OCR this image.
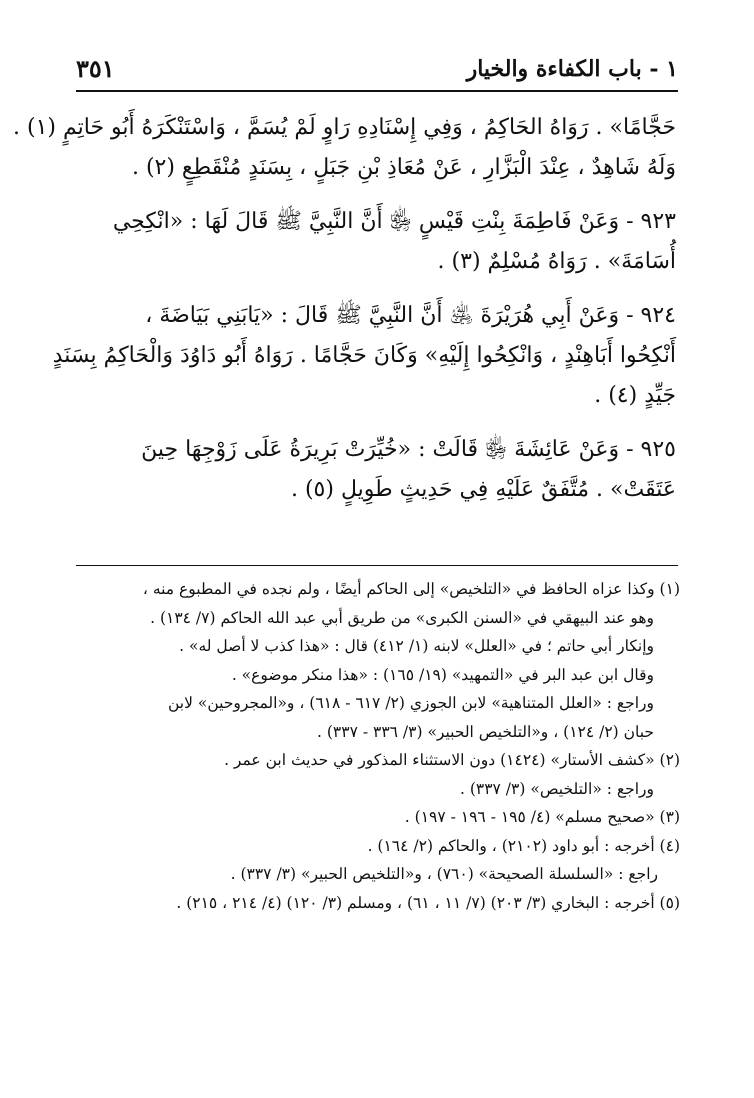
١ - باب الكفاءة والخيار
٣٥١
حَجَّامًا» . رَوَاهُ الحَاكِمُ ، وَفِي إِسْنَادِهِ رَاوٍ لَمْ يُسَمَّ ، وَاسْتَنْكَرَهُ أَبُو حَاتِمٍ (١) .
وَلَهُ شَاهِدٌ ، عِنْدَ الْبَزَّارِ ، عَنْ مُعَاذِ بْنِ جَبَلٍ ، بِسَنَدٍ مُنْقَطِعٍ (٢) .
٩٢٣ - وَعَنْ فَاطِمَةَ بِنْتِ قَيْسٍ ﵂ أَنَّ النَّبِيَّ ﷺ قَالَ لَهَا : «انْكِحِي
أُسَامَةَ» . رَوَاهُ مُسْلِمٌ (٣) .
٩٢٤ - وَعَنْ أَبِي هُرَيْرَةَ ﵁ أَنَّ النَّبِيَّ ﷺ قَالَ : «يَابَنِي بَيَاضَةَ ،
أَنْكِحُوا أَبَاهِنْدٍ ، وَانْكِحُوا إِلَيْهِ» وَكَانَ حَجَّامًا . رَوَاهُ أَبُو دَاوُدَ وَالْحَاكِمُ بِسَنَدٍ
جَيِّدٍ (٤) .
٩٢٥ - وَعَنْ عَائِشَةَ ﵂ قَالَتْ : «خُيِّرَتْ بَرِيرَةُ عَلَى زَوْجِهَا حِينَ
عَتَقَتْ» . مُتَّفَقٌ عَلَيْهِ فِي حَدِيثٍ طَوِيلٍ (٥) .
(١) وكذا عزاه الحافظ في «التلخيص» إلى الحاكم أيضًا ، ولم نجده في المطبوع منه ،
وهو عند البيهقي في «السنن الكبرى» من طريق أبي عبد الله الحاكم (٧/ ١٣٤) .
وإنكار أبي حاتم ؛ في «العلل» لابنه (١/ ٤١٢) قال : «هذا كذب لا أصل له» .
وقال ابن عبد البر في «التمهيد» (١٩/ ١٦٥) : «هذا منكر موضوع» .
وراجع : «العلل المتناهية» لابن الجوزي (٢/ ٦١٧ - ٦١٨) ، و«المجروحين» لابن
حبان (٢/ ١٢٤) ، و«التلخيص الحبير» (٣/ ٣٣٦ - ٣٣٧) .
(٢) «كشف الأستار» (١٤٢٤) دون الاستثناء المذكور في حديث ابن عمر .
وراجع : «التلخيص» (٣/ ٣٣٧) .
(٣) «صحيح مسلم» (٤/ ١٩٥ - ١٩٦ - ١٩٧) .
(٤) أخرجه : أبو داود (٢١٠٢) ، والحاكم (٢/ ١٦٤) .
راجع : «السلسلة الصحيحة» (٧٦٠) ، و«التلخيص الحبير» (٣/ ٣٣٧) .
(٥) أخرجه : البخاري (٣/ ٢٠٣) (٧/ ١١ ، ٦١) ، ومسلم (٣/ ١٢٠) (٤/ ٢١٤ ، ٢١٥) .
